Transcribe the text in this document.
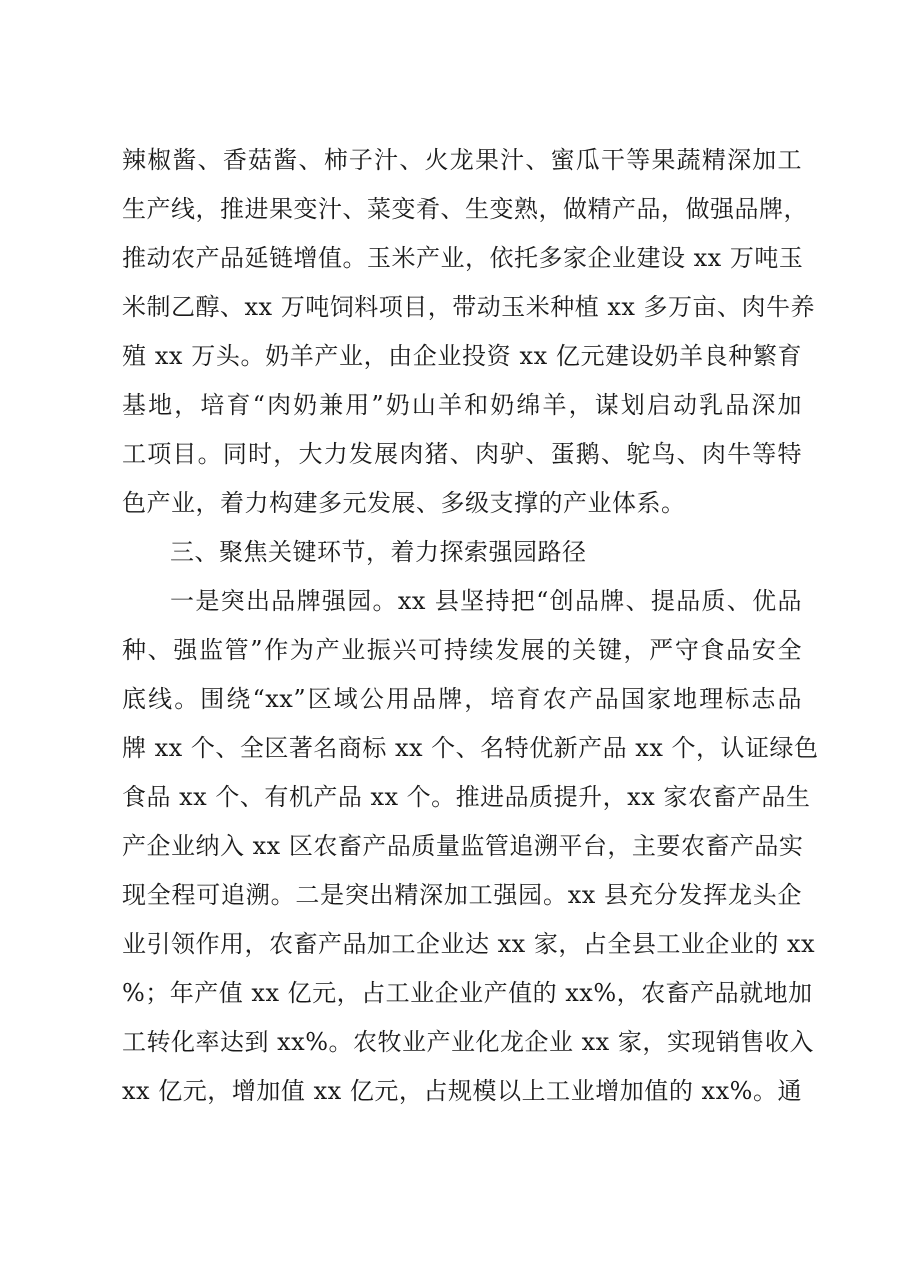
辣椒酱、香菇酱、柿子汁、火龙果汁、蜜瓜干等果蔬精深加工
生产线，推进果变汁、菜变肴、生变熟，做精产品，做强品牌，
推动农产品延链增值。玉米产业，依托多家企业建设 xx 万吨玉
米制乙醇、xx 万吨饲料项目，带动玉米种植 xx 多万亩、肉牛养
殖 xx 万头。奶羊产业，由企业投资 xx 亿元建设奶羊良种繁育
基地，培育“肉奶兼用”奶山羊和奶绵羊，谋划启动乳品深加
工项目。同时，大力发展肉猪、肉驴、蛋鹅、鸵鸟、肉牛等特
色产业，着力构建多元发展、多级支撑的产业体系。
三、聚焦关键环节，着力探索强园路径
一是突出品牌强园。xx 县坚持把“创品牌、提品质、优品
种、强监管”作为产业振兴可持续发展的关键，严守食品安全
底线。围绕“xx”区域公用品牌，培育农产品国家地理标志品
牌 xx 个、全区著名商标 xx 个、名特优新产品 xx 个，认证绿色
食品 xx 个、有机产品 xx 个。推进品质提升，xx 家农畜产品生
产企业纳入 xx 区农畜产品质量监管追溯平台，主要农畜产品实
现全程可追溯。二是突出精深加工强园。xx 县充分发挥龙头企
业引领作用，农畜产品加工企业达 xx 家，占全县工业企业的 xx
%；年产值 xx 亿元，占工业企业产值的 xx%，农畜产品就地加
工转化率达到 xx%。农牧业产业化龙企业 xx 家，实现销售收入
xx 亿元，增加值 xx 亿元，占规模以上工业增加值的 xx%。通
